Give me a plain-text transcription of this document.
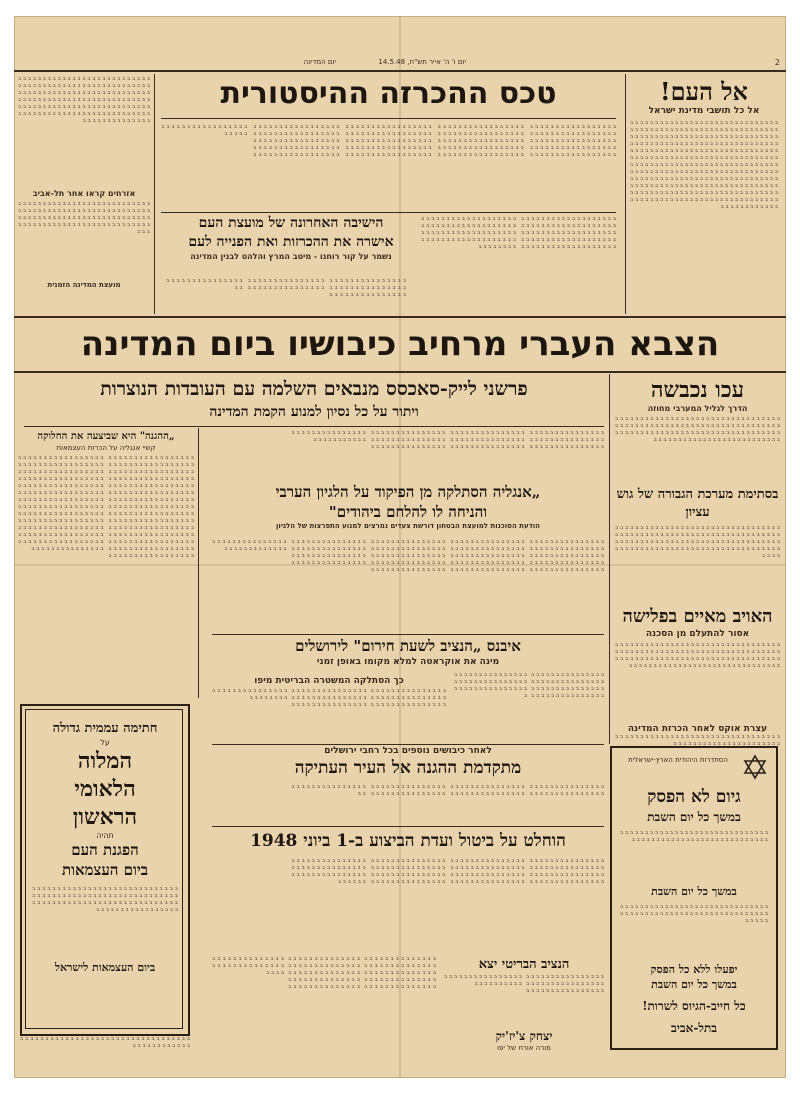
2
יום ו' ה' אייר תש"ח, 14.5.48
יום המדינה
אל העם!
אל כל תושבי מדינת ישראל
ב ב ב ב ב ב ב ב ב ב ב ב ב ב ב ב ב ב ב ב ב ב ב ב ב ב ב ב ב ב ב ב ב ב ב ב ב ב ב ב ב ב ב ב ב ב ב ב ב ב ב ב ב ב ב ב ב ב ב ב ב ב ב ב ב ב ב ב ב ב ב ב ב ב ב ב ב ב ב ב ב ב ב ב ב ב ב ב ב ב ב ב ב ב ב ב ב ב ב ב ב ב ב ב ב ב ב ב ב ב ב ב ב ב ב ב ב ב ב ב ב ב ב ב ב ב ב ב ב ב ב ב ב ב ב ב ב ב ב ב ב ב ב ב ב ב ב ב ב ב ב ב ב ב ב ב ב ב ב ב ב ב ב ב ב ב ב ב ב ב ב ב ב ב ב ב ב ב ב ב ב ב ב ב ב ב ב ב ב ב ב ב ב ב ב ב ב ב ב ב ב ב ב ב ב ב ב ב ב ב ב ב ב ב ב ב ב ב ב ב ב ב ב ב ב ב ב ב ב ב ב ב ב ב ב ב ב ב ב ב ב ב ב ב ב ב ב ב ב ב ב ב ב ב ב ב ב ב ב ב ב ב ב ב ב ב ב ב ב ב ב ב ב ב ב ב ב ב ב ב ב ב ב ב ב ב ב ב ב ב ב ב ב ב ב ב ב ב ב ב ב ב ב ב ב ב ב ב ב ב ב ב ב ב ב ב ב ב ב ב ב ב ב ב ב ב ב ב ב ב ב ב ב ב ב ב ב ב ב ב ב ב ב ב ב ב ב ב ב ב ב ב ב ב ב ב ב ב ב ב ב ב ב ב ב ב ב ב ב ב ב ב
טכס ההכרזה ההיסטורית
ב ב ב ב ב ב ב ב ב ב ב ב ב ב ב ב ב ב ב ב ב ב ב ב ב ב ב ב ב ב ב ב ב ב ב ב ב ב ב ב ב ב ב ב ב ב ב ב ב ב ב ב ב ב ב ב ב ב ב ב ב ב ב ב ב ב ב ב ב ב ב ב ב ב ב ב ב ב ב ב ב ב ב ב ב ב ב ב ב ב ב ב ב ב ב ב ב ב ב ב ב ב ב ב ב ב ב ב ב ב ב ב ב ב ב ב ב ב ב ב ב ב ב ב ב ב ב ב ב ב ב ב ב ב ב ב ב ב ב ב ב ב ב ב ב ב ב ב ב ב ב ב ב ב ב ב ב ב ב ב ב ב ב ב ב ב ב ב ב ב ב ב ב ב ב ב ב ב ב ב ב ב ב ב ב ב ב ב ב ב ב ב ב ב ב ב ב ב ב ב ב ב ב ב ב ב ב ב ב ב ב ב ב ב ב ב ב ב ב ב ב ב ב ב ב ב ב ב ב ב ב ב ב ב ב ב ב ב ב ב ב ב ב ב ב ב ב ב ב ב ב ב ב ב ב ב ב ב ב ב ב ב ב ב ב ב ב ב ב ב ב ב ב ב ב ב ב ב ב ב ב ב ב ב ב ב ב ב ב ב ב ב ב ב ב ב ב ב ב ב ב ב ב ב ב ב ב ב ב ב ב ב ב ב ב ב ב ב ב ב ב ב ב ב ב ב ב ב ב ב ב ב ב ב ב ב ב ב ב ב ב ב ב ב ב ב ב ב ב ב ב ב ב ב ב ב ב ב ב ב ב ב
ב ב ב ב ב ב ב ב ב ב ב ב ב ב ב ב ב ב ב ב ב ב ב ב ב ב ב ב ב ב ב ב ב ב ב ב ב ב ב ב ב ב ב ב ב ב ב ב ב ב ב ב ב ב ב ב ב ב ב ב ב ב ב ב ב ב ב ב ב ב ב ב ב ב ב ב ב ב ב ב ב ב ב ב ב ב ב ב ב ב ב ב ב ב ב ב ב ב ב ב ב ב ב ב ב ב ב ב ב ב ב ב ב ב ב ב ב ב ב ב ב ב ב ב ב ב ב ב ב ב ב ב ב ב ב ב ב ב ב ב ב ב ב ב ב ב ב ב ב ב ב ב ב ב ב ב ב ב ב ב ב ב ב ב ב ב ב ב ב ב ב ב ב ב ב ב
אזרחים קראו אחר תל-אביב
ב ב ב ב ב ב ב ב ב ב ב ב ב ב ב ב ב ב ב ב ב ב ב ב ב ב ב ב ב ב ב ב ב ב ב ב ב ב ב ב ב ב ב ב ב ב ב ב ב ב ב ב ב ב ב ב ב ב ב ב ב ב ב ב ב ב ב ב ב ב ב ב ב ב ב ב ב ב ב ב ב ב ב ב ב ב ב ב ב ב ב ב ב ב ב ב ב ב ב ב ב ב ב ב ב ב ב ב ב ב ב
מועצת המדינה הזמנית
הישיבה האחרונה של מועצת העם
אישרה את ההכרזות ואת הפנייה לעם
נשמר על קור רוחנו - מיטב המרץ והלהט לבנין המדינה
ב ב ב ב ב ב ב ב ב ב ב ב ב ב ב ב ב ב ב ב ב ב ב ב ב ב ב ב ב ב ב ב ב ב ב ב ב ב ב ב ב ב ב ב ב ב ב ב ב ב ב ב ב ב ב ב ב ב ב ב ב ב ב ב ב ב ב ב ב ב ב ב ב ב ב ב ב ב ב ב ב ב ב ב ב ב ב ב ב ב ב ב ב ב ב ב ב ב ב ב ב ב ב ב ב ב ב ב ב ב ב ב ב ב ב ב ב ב ב ב ב ב ב ב ב ב ב ב ב ב ב ב ב ב ב ב ב ב ב ב ב ב ב ב ב ב ב ב ב ב ב ב ב ב ב ב ב ב ב ב ב ב ב ב ב ב ב ב ב ב ב ב ב ב ב ב ב ב ב
ב ב ב ב ב ב ב ב ב ב ב ב ב ב ב ב ב ב ב ב ב ב ב ב ב ב ב ב ב ב ב ב ב ב ב ב ב ב ב ב ב ב ב ב ב ב ב ב ב ב ב ב ב ב ב ב ב ב ב ב ב ב ב ב ב ב ב ב ב ב ב ב ב ב ב ב ב ב ב ב ב ב ב ב ב ב ב ב ב ב ב ב
הצבא העברי מרחיב כיבושיו ביום המדינה
עכו נכבשה
הדרך לגליל המערבי מחוזה
ב ב ב ב ב ב ב ב ב ב ב ב ב ב ב ב ב ב ב ב ב ב ב ב ב ב ב ב ב ב ב ב ב ב ב ב ב ב ב ב ב ב ב ב ב ב ב ב ב ב ב ב ב ב ב ב ב ב ב ב ב ב ב ב ב ב ב ב ב ב ב ב ב ב ב ב ב ב ב ב ב ב ב ב ב ב ב ב ב ב ב ב ב ב ב ב ב ב ב ב ב ב ב ב ב ב ב ב ב ב ב ב ב ב ב ב ב ב ב ב ב ב ב ב ב
בסתימת מערכת הגבורה של גוש עציון
ב ב ב ב ב ב ב ב ב ב ב ב ב ב ב ב ב ב ב ב ב ב ב ב ב ב ב ב ב ב ב ב ב ב ב ב ב ב ב ב ב ב ב ב ב ב ב ב ב ב ב ב ב ב ב ב ב ב ב ב ב ב ב ב ב ב ב ב ב ב ב ב ב ב ב ב ב ב ב ב ב ב ב ב ב ב ב ב ב ב ב ב ב ב ב ב ב ב ב ב ב ב ב ב ב ב ב ב ב ב ב ב ב ב ב ב ב ב ב ב ב ב ב ב ב ב ב ב ב ב ב ב ב ב ב ב
האויב מאיים בפלישה
אסור להתעלם מן הסכנה
ב ב ב ב ב ב ב ב ב ב ב ב ב ב ב ב ב ב ב ב ב ב ב ב ב ב ב ב ב ב ב ב ב ב ב ב ב ב ב ב ב ב ב ב ב ב ב ב ב ב ב ב ב ב ב ב ב ב ב ב ב ב ב ב ב ב ב ב ב ב ב ב ב ב ב ב ב ב ב ב ב ב ב ב ב ב ב ב ב ב ב ב ב ב ב ב ב ב ב ב ב ב ב ב ב ב ב ב ב ב ב ב ב ב ב ב ב ב ב ב ב ב ב ב ב ב ב ב ב ב
עצרת אוקס לאחר הכרזת המדינה
ב ב ב ב ב ב ב ב ב ב ב ב ב ב ב ב ב ב ב ב ב ב ב ב ב ב ב ב ב ב ב ב ב ב ב ב ב ב ב ב ב ב ב ב ב ב ב ב ב ב ב ב ב ב ב
פרשני לייק-סאכסס מנבאים השלמה עם העובדות הנוצרות
ויתור על כל נסיון למנוע הקמת המדינה
„ההגנה" היא שביצעה את החלוקה
קשיי אנגליה על הכרזת העצמאות
ב ב ב ב ב ב ב ב ב ב ב ב ב ב ב ב ב ב ב ב ב ב ב ב ב ב ב ב ב ב ב ב ב ב ב ב ב ב ב ב ב ב ב ב ב ב ב ב ב ב ב ב ב ב ב ב ב ב ב ב ב ב ב ב ב ב ב ב ב ב ב ב ב ב ב ב ב ב ב ב ב ב ב ב ב ב ב ב ב ב ב ב ב ב ב ב ב ב ב ב ב ב ב ב ב ב ב ב ב ב ב ב ב ב ב ב ב ב ב ב ב ב ב ב ב ב ב ב ב ב ב ב ב ב ב ב ב ב ב ב ב ב ב ב ב ב ב ב ב ב ב ב ב ב ב ב ב ב ב ב ב ב ב ב ב ב ב ב ב ב ב ב ב ב ב ב ב ב ב ב ב ב ב ב ב ב ב ב ב ב ב ב ב ב ב ב ב ב ב ב ב ב ב ב ב ב ב ב ב ב ב ב ב ב ב ב ב ב ב ב ב ב ב ב ב ב ב ב ב ב ב ב ב ב ב ב ב ב ב ב ב ב ב ב ב ב ב ב ב ב ב ב ב ב ב ב ב ב ב ב ב ב ב ב ב ב ב ב ב ב ב ב ב ב ב ב ב ב ב ב ב ב ב ב ב ב ב ב ב ב ב ב ב ב ב ב ב ב ב ב ב ב ב ב ב ב ב ב ב ב ב ב ב ב ב ב ב ב ב ב ב ב ב ב ב ב ב ב ב ב ב ב ב ב ב ב ב ב ב ב ב ב ב ב ב ב ב ב ב ב ב ב ב ב ב ב ב ב ב ב ב ב ב ב ב ב ב ב ב ב ב ב ב ב ב ב ב ב ב ב ב ב ב ב ב ב ב ב ב ב ב ב ב ב ב ב ב ב ב ב ב ב ב ב ב ב ב ב ב ב ב ב ב ב ב ב ב ב ב ב ב ב ב ב ב ב ב ב ב ב ב ב ב ב ב ב ב ב ב ב ב ב ב ב ב ב ב ב ב ב ב ב ב ב ב ב ב ב ב ב ב ב ב ב ב ב ב ב ב ב ב ב ב ב ב ב ב ב ב ב ב ב ב ב ב ב ב ב ב ב ב
ב ב ב ב ב ב ב ב ב ב ב ב ב ב ב ב ב ב ב ב ב ב ב ב ב ב ב ב ב ב ב ב ב ב ב ב ב ב ב ב ב ב ב ב ב ב ב ב ב ב ב ב ב ב ב ב ב ב ב ב ב ב ב ב ב ב ב ב ב ב ב ב ב ב ב ב ב ב ב ב ב ב ב ב ב ב ב ב ב ב ב ב ב ב ב ב ב ב ב ב ב ב ב ב ב ב ב ב ב ב ב ב ב ב ב ב ב ב ב ב ב ב ב ב ב ב ב ב ב ב ב ב ב ב ב ב ב ב ב ב ב ב ב ב ב ב ב ב ב ב ב ב ב ב ב ב ב ב ב ב ב
„אנגליה הסתלקה מן הפיקוד על הלגיון הערבי
והניחה לו להלחם ביהודים"
הודעת הסוכנות למועצת הבטחון דורשת צעדים נמרצים למנוע התפרצות של הלגיון
ב ב ב ב ב ב ב ב ב ב ב ב ב ב ב ב ב ב ב ב ב ב ב ב ב ב ב ב ב ב ב ב ב ב ב ב ב ב ב ב ב ב ב ב ב ב ב ב ב ב ב ב ב ב ב ב ב ב ב ב ב ב ב ב ב ב ב ב ב ב ב ב ב ב ב ב ב ב ב ב ב ב ב ב ב ב ב ב ב ב ב ב ב ב ב ב ב ב ב ב ב ב ב ב ב ב ב ב ב ב ב ב ב ב ב ב ב ב ב ב ב ב ב ב ב ב ב ב ב ב ב ב ב ב ב ב ב ב ב ב ב ב ב ב ב ב ב ב ב ב ב ב ב ב ב ב ב ב ב ב ב ב ב ב ב ב ב ב ב ב ב ב ב ב ב ב ב ב ב ב ב ב ב ב ב ב ב ב ב ב ב ב ב ב ב ב ב ב ב ב ב ב ב ב ב ב ב ב ב ב ב ב ב ב ב ב ב ב ב ב ב ב ב ב ב ב ב ב ב ב ב ב ב ב ב ב ב ב ב ב ב ב ב ב ב ב ב ב ב ב ב ב ב ב ב ב ב ב ב ב ב ב ב ב ב ב ב ב ב ב ב ב ב ב ב ב ב ב ב ב ב ב ב ב ב ב ב ב ב ב ב ב ב ב ב ב ב ב ב ב ב ב ב ב ב ב ב ב ב ב ב ב ב
איבנס „הנציב לשעת חירום" לירושלים
מינה את אוקראטה למלא מקומו באופן זמני
ב ב ב ב ב ב ב ב ב ב ב ב ב ב ב ב ב ב ב ב ב ב ב ב ב ב ב ב ב ב ב ב ב ב ב ב ב ב ב ב ב ב ב ב ב ב ב ב ב ב ב ב ב ב ב ב ב ב ב ב ב ב ב ב ב ב ב ב ב ב ב ב ב ב ב ב ב ב ב ב ב ב ב ב ב ב ב ב ב ב ב ב ב ב ב ב ב ב ב ב ב ב ב ב ב ב
כך הסתלקה המשטרה הבריטית מיפו
ב ב ב ב ב ב ב ב ב ב ב ב ב ב ב ב ב ב ב ב ב ב ב ב ב ב ב ב ב ב ב ב ב ב ב ב ב ב ב ב ב ב ב ב ב ב ב ב ב ב ב ב ב ב ב ב ב ב ב ב ב ב ב ב ב ב ב ב ב ב ב ב ב ב ב ב ב ב ב ב ב ב ב ב ב ב ב ב ב ב ב ב ב ב ב ב ב ב ב ב ב ב ב ב ב ב ב ב ב ב ב ב ב
לאחר כיבושים נוספים בכל רחבי ירושלים
מתקדמת ההגנה אל העיר העתיקה
ב ב ב ב ב ב ב ב ב ב ב ב ב ב ב ב ב ב ב ב ב ב ב ב ב ב ב ב ב ב ב ב ב ב ב ב ב ב ב ב ב ב ב ב ב ב ב ב ב ב ב ב ב ב ב ב ב ב ב ב ב ב ב ב ב ב ב ב ב ב ב ב ב ב ב ב ב ב ב ב ב ב ב ב ב ב ב ב ב ב ב ב ב ב ב ב ב ב ב ב ב ב ב ב ב ב ב
הוחלט על ביטול ועדת הביצוע ב-1 ביוני 1948
ב ב ב ב ב ב ב ב ב ב ב ב ב ב ב ב ב ב ב ב ב ב ב ב ב ב ב ב ב ב ב ב ב ב ב ב ב ב ב ב ב ב ב ב ב ב ב ב ב ב ב ב ב ב ב ב ב ב ב ב ב ב ב ב ב ב ב ב ב ב ב ב ב ב ב ב ב ב ב ב ב ב ב ב ב ב ב ב ב ב ב ב ב ב ב ב ב ב ב ב ב ב ב ב ב ב ב ב ב ב ב ב ב ב ב ב ב ב ב ב ב ב ב ב ב ב ב ב ב ב ב ב ב ב ב ב ב ב ב ב ב ב ב ב ב ב ב ב ב ב ב ב ב ב ב ב ב ב ב ב ב ב ב ב ב ב ב ב ב ב ב ב ב ב ב ב ב ב ב ב ב ב ב ב ב ב ב ב ב ב ב ב ב ב ב ב ב ב ב ב ב ב ב ב ב ב ב ב ב ב ב ב ב ב ב ב ב ב ב ב ב ב ב ב ב ב ב ב ב ב ב
הנציב הבריטי יצא
ב ב ב ב ב ב ב ב ב ב ב ב ב ב ב ב ב ב ב ב ב ב ב ב ב ב ב ב ב ב ב ב ב ב ב ב ב ב ב ב ב ב ב ב ב ב ב ב ב ב ב ב ב ב ב ב ב ב ב ב ב ב ב ב ב ב ב ב ב ב ב ב ב ב
יצחק צ'יז'יק
מורה אורח של יפו
ב ב ב ב ב ב ב ב ב ב ב ב ב ב ב ב ב ב ב ב ב ב ב ב ב ב ב ב ב ב ב ב ב ב ב ב ב ב ב ב ב ב ב ב ב ב ב ב ב ב ב ב ב ב ב ב ב ב ב ב ב ב ב ב ב ב ב ב ב ב ב ב ב ב ב ב ב ב ב ב ב ב ב ב ב ב ב ב ב ב ב ב ב ב ב ב ב ב ב ב ב ב ב ב ב ב ב ב ב ב ב ב ב ב ב ב ב ב ב ב ב ב ב ב ב ב ב ב ב ב ב ב ב ב ב ב ב ב ב ב ב ב ב ב ב ב ב ב ב ב ב ב ב ב ב ב ב ב ב ב ב ב ב ב ב ב ב ב ב ב ב ב
חתימה עממית גדולה
על
המלוה
הלאומי
הראשון
תהיה
הפגנת העם
ביום העצמאות
ב ב ב ב ב ב ב ב ב ב ב ב ב ב ב ב ב ב ב ב ב ב ב ב ב ב ב ב ב ב ב ב ב ב ב ב ב ב ב ב ב ב ב ב ב ב ב ב ב ב ב ב ב ב ב ב ב ב ב ב ב ב ב ב ב ב ב ב ב ב ב ב ב ב ב ב ב ב ב ב ב ב ב ב ב ב ב ב ב ב ב ב ב ב ב ב ב ב ב ב ב ב ב ב
ביום העצמאות לישראל
ב ב ב ב ב ב ב ב ב ב ב ב ב ב ב ב ב ב ב ב ב ב ב ב ב ב ב ב ב ב ב ב ב ב ב ב ב ב ב ב ב ב ב ב ב ב
הסתדרות היהודית הארץ-ישראלית
גיום לא הפסק
במשך כל יום השבת
ב ב ב ב ב ב ב ב ב ב ב ב ב ב ב ב ב ב ב ב ב ב ב ב ב ב ב ב ב ב ב ב ב ב ב ב ב ב ב ב ב ב ב ב ב ב ב ב ב ב ב ב ב ב ב ב ב ב
במשך כל יום השבת
ב ב ב ב ב ב ב ב ב ב ב ב ב ב ב ב ב ב ב ב ב ב ב ב ב ב ב ב ב ב ב ב ב ב ב ב ב ב ב ב ב ב ב ב ב ב ב ב ב ב ב ב ב ב ב ב ב ב ב ב ב ב ב ב ב
יפעלו ללא כל הפסק
במשך כל יום השבת
כל חייב-הגיוס לשרות!
בתל-אביב
